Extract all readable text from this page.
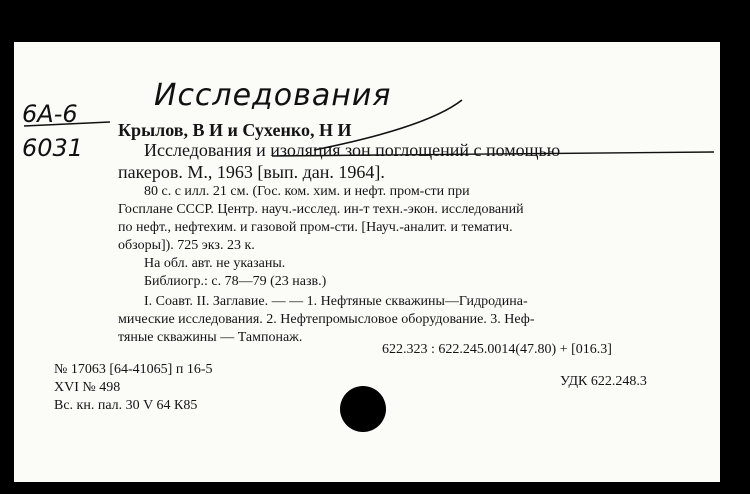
Исследования
6А-6
6031
Крылов, В И и Сухенко, Н И
Исследования и изоляция зон поглощений с помощью
пакеров. М., 1963 [вып. дан. 1964].
80 с. с илл. 21 см. (Гос. ком. хим. и нефт. пром-сти при
Госплане СССР. Центр. науч.-исслед. ин-т техн.-экон. исследований
по нефт., нефтехим. и газовой пром-сти. [Науч.-аналит. и тематич.
обзоры]). 725 экз. 23 к.
На обл. авт. не указаны.
Библиогр.: с. 78—79 (23 назв.)
I. Соавт. II. Заглавие. — — 1. Нефтяные скважины—Гидродина-
мические исследования. 2. Нефтепромысловое оборудование. 3. Неф-
тяные скважины — Тампонаж.
622.323 : 622.245.0014(47.80) + [016.3]
№ 17063 [64-41065] п 16-5
XVI № 498
Вс. кн. пал. 30 V 64 К85
УДК 622.248.3
